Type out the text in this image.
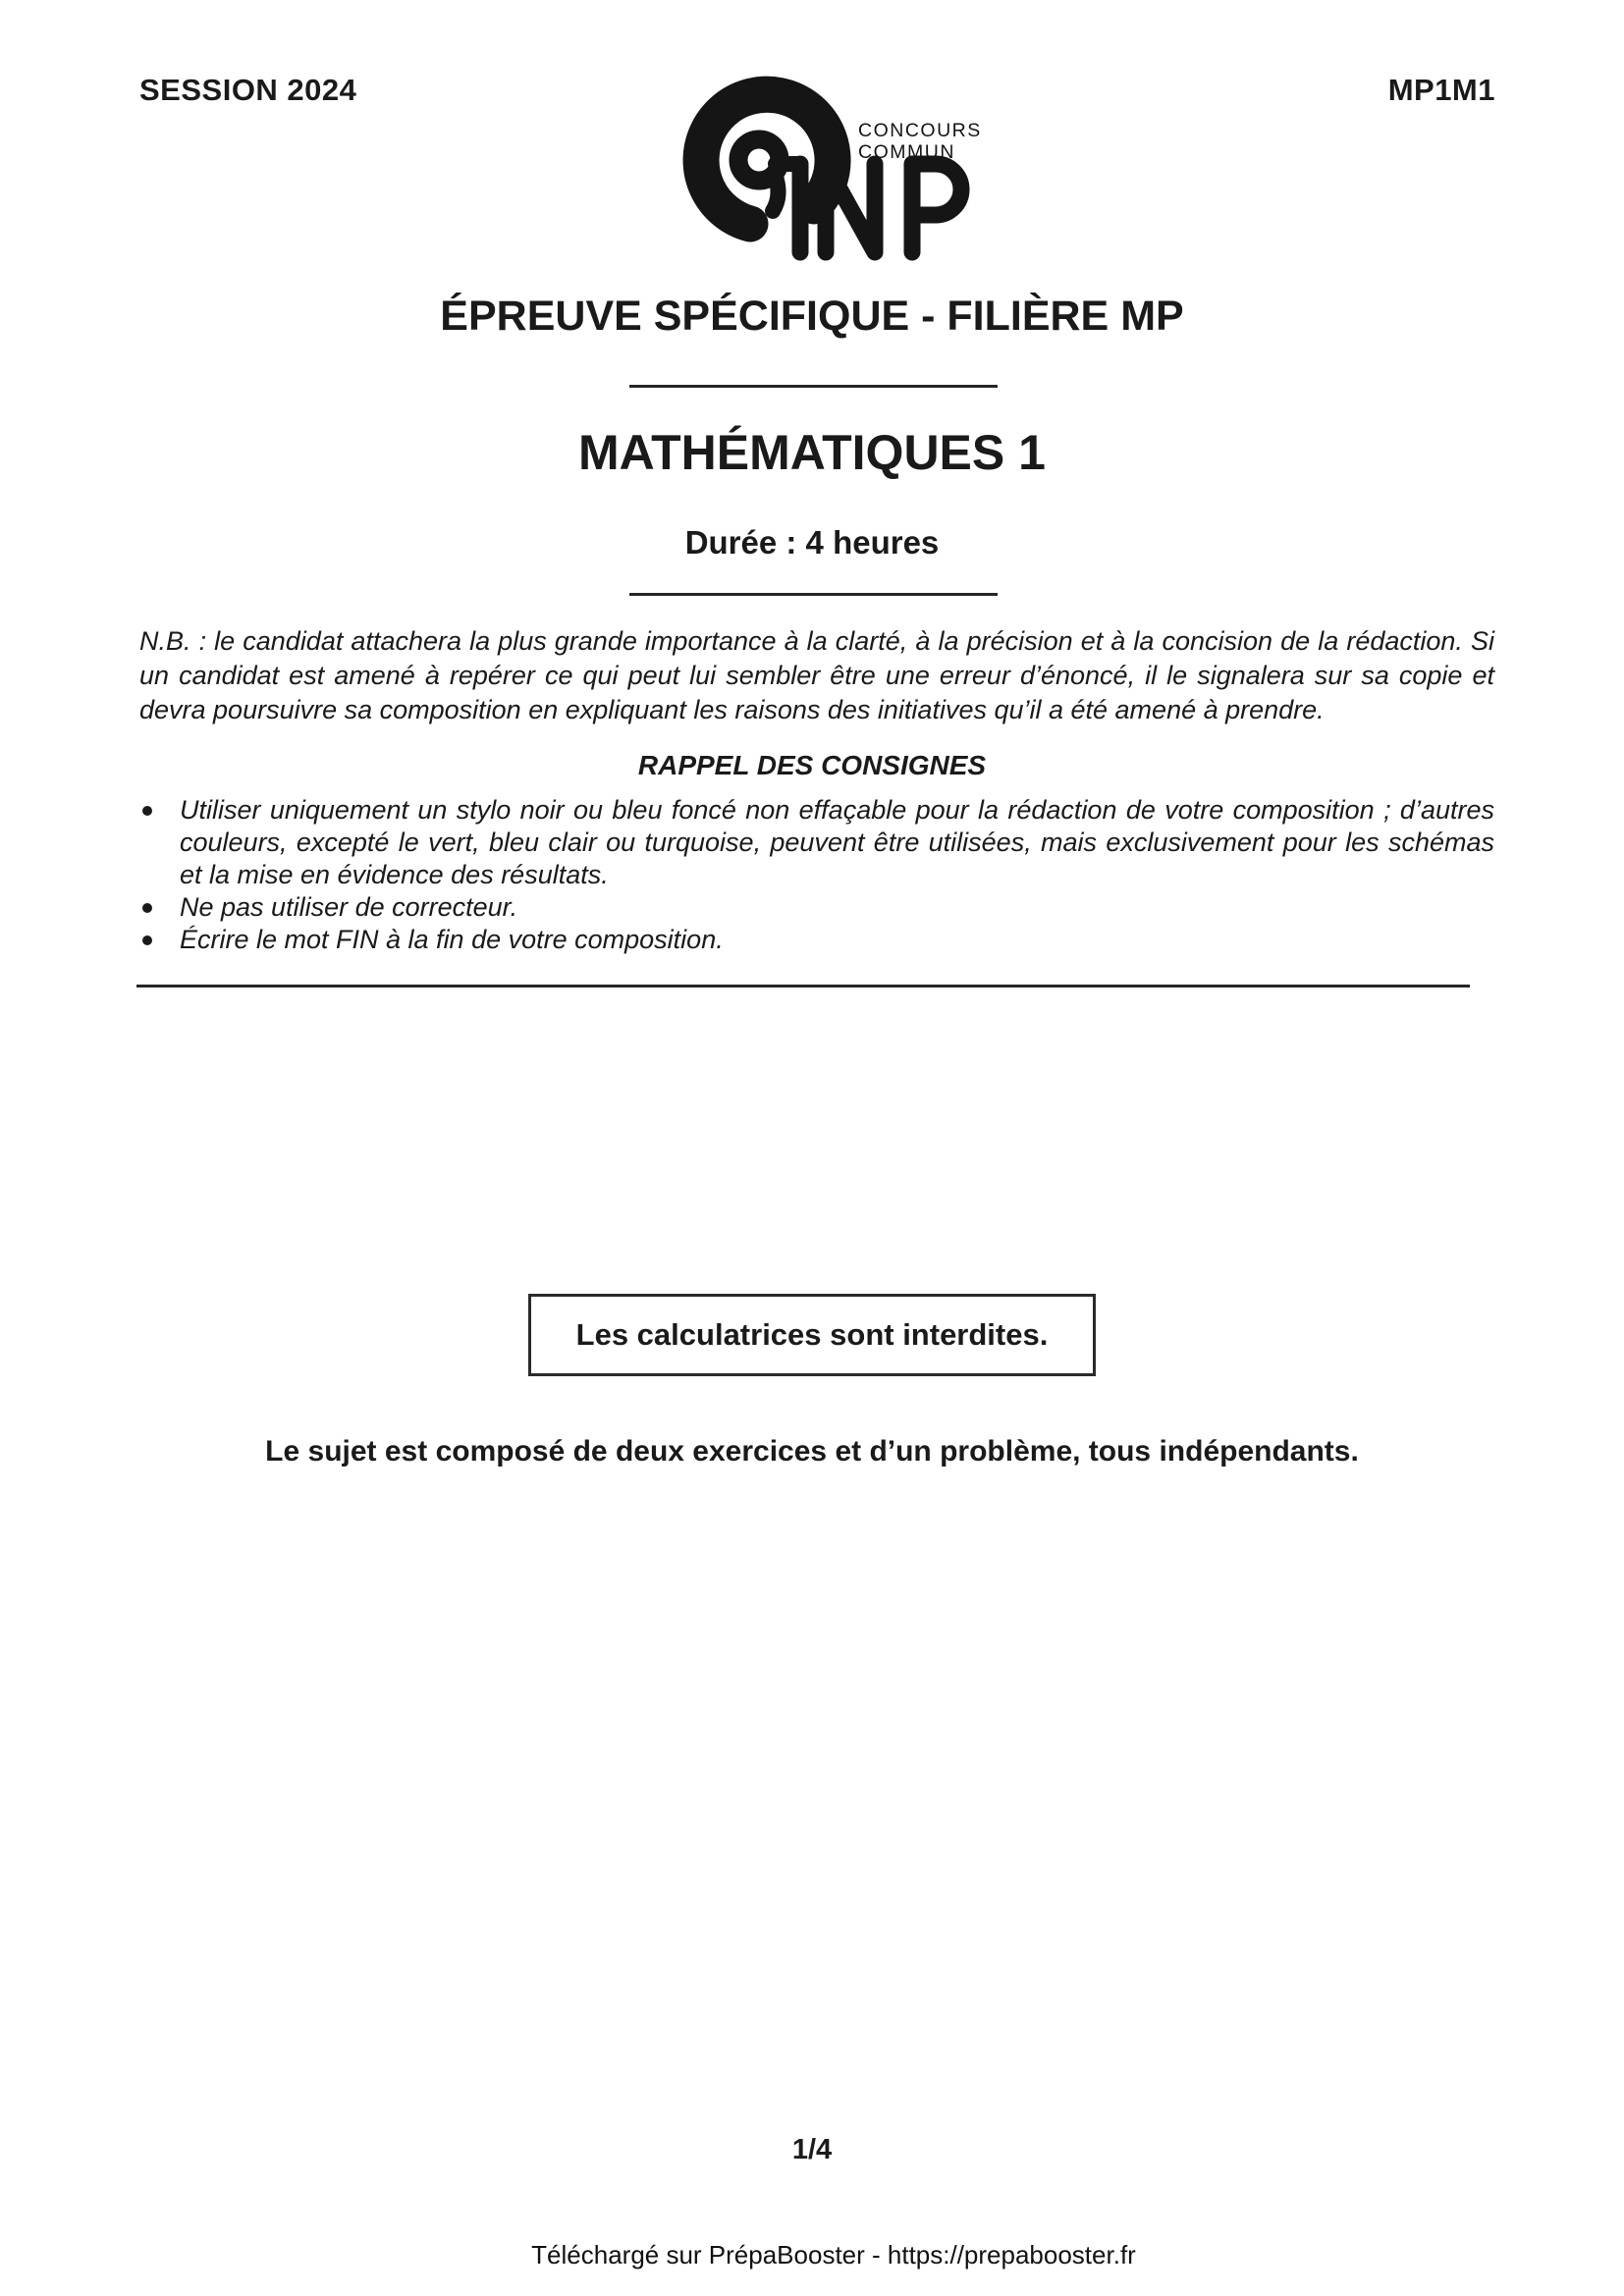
SESSION 2024	MP1M1
CONCOURS
COMMUN
ÉPREUVE SPÉCIFIQUE - FILIÈRE MP
MATHÉMATIQUES 1
Durée : 4 heures
N.B. : le candidat attachera la plus grande importance à la clarté, à la précision et à la concision de la rédaction. Si un candidat est amené à repérer ce qui peut lui sembler être une erreur d’énoncé, il le signalera sur sa copie et devra poursuivre sa composition en expliquant les raisons des initiatives qu’il a été amené à prendre.
RAPPEL DES CONSIGNES
Utiliser uniquement un stylo noir ou bleu foncé non effaçable pour la rédaction de votre composition ; d’autres couleurs, excepté le vert, bleu clair ou turquoise, peuvent être utilisées, mais exclusivement pour les schémas et la mise en évidence des résultats.
Ne pas utiliser de correcteur.
Écrire le mot FIN à la fin de votre composition.
Les calculatrices sont interdites.
Le sujet est composé de deux exercices et d’un problème, tous indépendants.
1/4
Téléchargé sur PrépaBooster - https://prepabooster.fr
